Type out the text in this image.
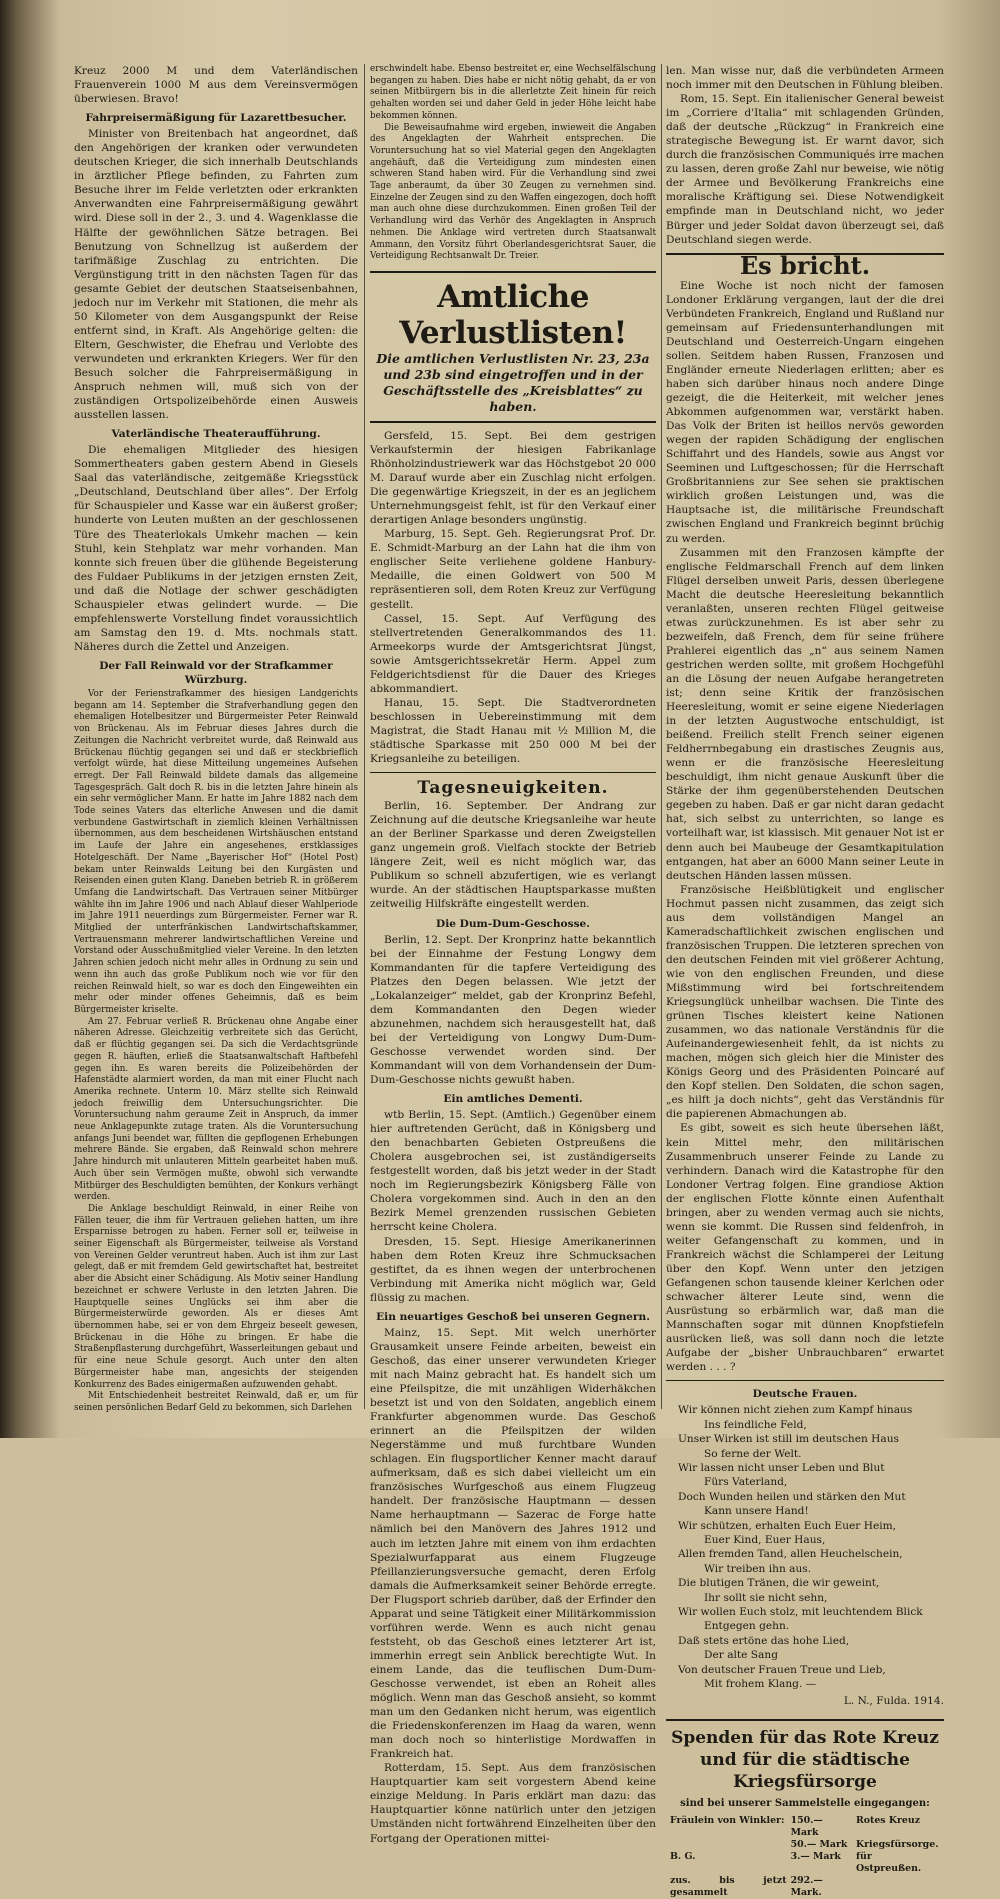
Kreuz 2000 M und dem Vaterländischen Frauenverein 1000 M aus dem Vereinsvermögen überwiesen. Bravo!

Fahrpreisermäßigung für Lazarettbesucher.

Minister von Breitenbach hat angeordnet, daß den Angehörigen der kranken oder verwundeten deutschen Krieger, die sich innerhalb Deutschlands in ärztlicher Pflege befinden, zu Fahrten zum Besuche ihrer im Felde verletzten oder erkrankten Anverwandten eine Fahrpreisermäßigung gewährt wird. Diese soll in der 2., 3. und 4. Wagenklasse die Hälfte der gewöhnlichen Sätze betragen. Bei Benutzung von Schnellzug ist außerdem der tarifmäßige Zuschlag zu entrichten. Die Vergünstigung tritt in den nächsten Tagen für das gesamte Gebiet der deutschen Staatseisenbahnen, jedoch nur im Verkehr mit Stationen, die mehr als 50 Kilometer von dem Ausgangspunkt der Reise entfernt sind, in Kraft. Als Angehörige gelten: die Eltern, Geschwister, die Ehefrau und Verlobte des verwundeten und erkrankten Kriegers. Wer für den Besuch solcher die Fahrpreisermäßigung in Anspruch nehmen will, muß sich von der zuständigen Ortspolizeibehörde einen Ausweis ausstellen lassen.

Vaterländische Theateraufführung.

Die ehemaligen Mitglieder des hiesigen Sommertheaters gaben gestern Abend in Giesels Saal das vaterländische, zeitgemäße Kriegsstück „Deutschland, Deutschland über alles“. Der Erfolg für Schauspieler und Kasse war ein äußerst großer; hunderte von Leuten mußten an der geschlossenen Türe des Theaterlokals Umkehr machen — kein Stuhl, kein Stehplatz war mehr vorhanden. Man konnte sich freuen über die glühende Begeisterung des Fuldaer Publikums in der jetzigen ernsten Zeit, und daß die Notlage der schwer geschädigten Schauspieler etwas gelindert wurde. — Die empfehlenswerte Vorstellung findet voraussichtlich am Samstag den 19. d. Mts. nochmals statt. Näheres durch die Zettel und Anzeigen.

Der Fall Reinwald vor der Strafkammer Würzburg.

Vor der Ferienstrafkammer des hiesigen Landgerichts begann am 14. September die Strafverhandlung gegen den ehemaligen Hotelbesitzer und Bürgermeister Peter Reinwald von Brückenau. Als im Februar dieses Jahres durch die Zeitungen die Nachricht verbreitet wurde, daß Reinwald aus Brückenau flüchtig gegangen sei und daß er steckbrieflich verfolgt würde, hat diese Mitteilung ungemeines Aufsehen erregt. Der Fall Reinwald bildete damals das allgemeine Tagesgespräch. Galt doch R. bis in die letzten Jahre hinein als ein sehr vermöglicher Mann. Er hatte im Jahre 1882 nach dem Tode seines Vaters das elterliche Anwesen und die damit verbundene Gastwirtschaft in ziemlich kleinen Verhältnissen übernommen, aus dem bescheidenen Wirtshäuschen entstand im Laufe der Jahre ein angesehenes, erstklassiges Hotelgeschäft. Der Name „Bayerischer Hof“ (Hotel Post) bekam unter Reinwalds Leitung bei den Kurgästen und Reisenden einen guten Klang. Daneben betrieb R. in größerem Umfang die Landwirtschaft. Das Vertrauen seiner Mitbürger wählte ihn im Jahre 1906 und nach Ablauf dieser Wahlperiode im Jahre 1911 neuerdings zum Bürgermeister. Ferner war R. Mitglied der unterfränkischen Landwirtschaftskammer, Vertrauensmann mehrerer landwirtschaftlichen Vereine und Vorstand oder Ausschußmitglied vieler Vereine. In den letzten Jahren schien jedoch nicht mehr alles in Ordnung zu sein und wenn ihn auch das große Publikum noch wie vor für den reichen Reinwald hielt, so war es doch den Eingeweihten ein mehr oder minder offenes Geheimnis, daß es beim Bürgermeister kriselte.

Am 27. Februar verließ R. Brückenau ohne Angabe einer näheren Adresse. Gleichzeitig verbreitete sich das Gerücht, daß er flüchtig gegangen sei. Da sich die Verdachtsgründe gegen R. häuften, erließ die Staatsanwaltschaft Haftbefehl gegen ihn. Es waren bereits die Polizeibehörden der Hafenstädte alarmiert worden, da man mit einer Flucht nach Amerika rechnete. Unterm 10. März stellte sich Reinwald jedoch freiwillig dem Untersuchungsrichter. Die Voruntersuchung nahm geraume Zeit in Anspruch, da immer neue Anklagepunkte zutage traten. Als die Voruntersuchung anfangs Juni beendet war, füllten die gepflogenen Erhebungen mehrere Bände. Sie ergaben, daß Reinwald schon mehrere Jahre hindurch mit unlauteren Mitteln gearbeitet haben muß. Auch über sein Vermögen mußte, obwohl sich verwandte Mitbürger des Beschuldigten bemühten, der Konkurs verhängt werden.

Die Anklage beschuldigt Reinwald, in einer Reihe von Fällen teuer, die ihm für Vertrauen geliehen hatten, um ihre Ersparnisse betrogen zu haben. Ferner soll er, teilweise in seiner Eigenschaft als Bürgermeister, teilweise als Vorstand von Vereinen Gelder veruntreut haben. Auch ist ihm zur Last gelegt, daß er mit fremdem Geld gewirtschaftet hat, bestreitet aber die Absicht einer Schädigung. Als Motiv seiner Handlung bezeichnet er schwere Verluste in den letzten Jahren. Die Hauptquelle seines Unglücks sei ihm aber die Bürgermeisterwürde geworden. Als er dieses Amt übernommen habe, sei er von dem Ehrgeiz beseelt gewesen, Brückenau in die Höhe zu bringen. Er habe die Straßenpflasterung durchgeführt, Wasserleitungen gebaut und für eine neue Schule gesorgt. Auch unter den alten Bürgermeister habe man, angesichts der steigenden Konkurrenz des Bades einigermaßen aufzuwenden gehabt.

Mit Entschiedenheit bestreitet Reinwald, daß er, um für seinen persönlichen Bedarf Geld zu bekommen, sich Darlehen

erschwindelt habe. Ebenso bestreitet er, eine Wechselfälschung begangen zu haben. Dies habe er nicht nötig gehabt, da er von seinen Mitbürgern bis in die allerletzte Zeit hinein für reich gehalten worden sei und daher Geld in jeder Höhe leicht habe bekommen können.

Die Beweisaufnahme wird ergeben, inwieweit die Angaben des Angeklagten der Wahrheit entsprechen. Die Voruntersuchung hat so viel Material gegen den Angeklagten angehäuft, daß die Verteidigung zum mindesten einen schweren Stand haben wird. Für die Verhandlung sind zwei Tage anberaumt, da über 30 Zeugen zu vernehmen sind. Einzelne der Zeugen sind zu den Waffen eingezogen, doch hofft man auch ohne diese durchzukommen. Einen großen Teil der Verhandlung wird das Verhör des Angeklagten in Anspruch nehmen. Die Anklage wird vertreten durch Staatsanwalt Ammann, den Vorsitz führt Oberlandesgerichtsrat Sauer, die Verteidigung Rechtsanwalt Dr. Treier.

Amtliche Verlustlisten!
Die amtlichen Verlustlisten Nr. 23, 23a und 23b sind eingetroffen und in der Geschäftsstelle des „Kreisblattes“ zu haben.

Gersfeld, 15. Sept. Bei dem gestrigen Verkaufstermin der hiesigen Fabrikanlage Rhönholzindustriewerk war das Höchstgebot 20 000 M. Darauf wurde aber ein Zuschlag nicht erfolgen. Die gegenwärtige Kriegszeit, in der es an jeglichem Unternehmungsgeist fehlt, ist für den Verkauf einer derartigen Anlage besonders ungünstig.

Marburg, 15. Sept. Geh. Regierungsrat Prof. Dr. E. Schmidt-Marburg an der Lahn hat die ihm von englischer Seite verliehene goldene Hanbury-Medaille, die einen Goldwert von 500 M repräsentieren soll, dem Roten Kreuz zur Verfügung gestellt.

Cassel, 15. Sept. Auf Verfügung des stellvertretenden Generalkommandos des 11. Armeekorps wurde der Amtsgerichtsrat Jüngst, sowie Amtsgerichtssekretär Herm. Appel zum Feldgerichtsdienst für die Dauer des Krieges abkommandiert.

Hanau, 15. Sept. Die Stadtverordneten beschlossen in Uebereinstimmung mit dem Magistrat, die Stadt Hanau mit ½ Million M, die städtische Sparkasse mit 250 000 M bei der Kriegsanleihe zu beteiligen.

Tagesneuigkeiten.

Berlin, 16. September. Der Andrang zur Zeichnung auf die deutsche Kriegsanleihe war heute an der Berliner Sparkasse und deren Zweigstellen ganz ungemein groß. Vielfach stockte der Betrieb längere Zeit, weil es nicht möglich war, das Publikum so schnell abzufertigen, wie es verlangt wurde. An der städtischen Hauptsparkasse mußten zeitweilig Hilfskräfte eingestellt werden.

Die Dum-Dum-Geschosse.

Berlin, 12. Sept. Der Kronprinz hatte bekanntlich bei der Einnahme der Festung Longwy dem Kommandanten für die tapfere Verteidigung des Platzes den Degen belassen. Wie jetzt der „Lokalanzeiger“ meldet, gab der Kronprinz Befehl, dem Kommandanten den Degen wieder abzunehmen, nachdem sich herausgestellt hat, daß bei der Verteidigung von Longwy Dum-Dum-Geschosse verwendet worden sind. Der Kommandant will von dem Vorhandensein der Dum-Dum-Geschosse nichts gewußt haben.

Ein amtliches Dementi.

wtb Berlin, 15. Sept. (Amtlich.) Gegenüber einem hier auftretenden Gerücht, daß in Königsberg und den benachbarten Gebieten Ostpreußens die Cholera ausgebrochen sei, ist zuständigerseits festgestellt worden, daß bis jetzt weder in der Stadt noch im Regierungsbezirk Königsberg Fälle von Cholera vorgekommen sind. Auch in den an den Bezirk Memel grenzenden russischen Gebieten herrscht keine Cholera.

Dresden, 15. Sept. Hiesige Amerikanerinnen haben dem Roten Kreuz ihre Schmucksachen gestiftet, da es ihnen wegen der unterbrochenen Verbindung mit Amerika nicht möglich war, Geld flüssig zu machen.

Ein neuartiges Geschoß bei unseren Gegnern.

Mainz, 15. Sept. Mit welch unerhörter Grausamkeit unsere Feinde arbeiten, beweist ein Geschoß, das einer unserer verwundeten Krieger mit nach Mainz gebracht hat. Es handelt sich um eine Pfeilspitze, die mit unzähligen Widerhäkchen besetzt ist und von den Soldaten, angeblich einem Frankfurter abgenommen wurde. Das Geschoß erinnert an die Pfeilspitzen der wilden Negerstämme und muß furchtbare Wunden schlagen. Ein flugsportlicher Kenner macht darauf aufmerksam, daß es sich dabei vielleicht um ein französisches Wurfgeschoß aus einem Flugzeug handelt. Der französische Hauptmann — dessen Name herhauptmann — Sazerac de Forge hatte nämlich bei den Manövern des Jahres 1912 und auch im letzten Jahre mit einem von ihm erdachten Spezialwurfapparat aus einem Flugzeuge Pfeillanzierungsversuche gemacht, deren Erfolg damals die Aufmerksamkeit seiner Behörde erregte. Der Flugsport schrieb darüber, daß der Erfinder den Apparat und seine Tätigkeit einer Militärkommission vorführen werde. Wenn es auch nicht genau feststeht, ob das Geschoß eines letzterer Art ist, immerhin erregt sein Anblick berechtigte Wut. In einem Lande, das die teuflischen Dum-Dum-Geschosse verwendet, ist eben an Roheit alles möglich. Wenn man das Geschoß ansieht, so kommt man um den Gedanken nicht herum, was eigentlich die Friedenskonferenzen im Haag da waren, wenn man doch noch so hinterlistige Mordwaffen in Frankreich hat.

Rotterdam, 15. Sept. Aus dem französischen Hauptquartier kam seit vorgestern Abend keine einzige Meldung. In Paris erklärt man dazu: das Hauptquartier könne natürlich unter den jetzigen Umständen nicht fortwährend Einzelheiten über den Fortgang der Operationen mittei-

len. Man wisse nur, daß die verbündeten Armeen noch immer mit den Deutschen in Fühlung bleiben.

Rom, 15. Sept. Ein italienischer General beweist im „Corriere d'Italia“ mit schlagenden Gründen, daß der deutsche „Rückzug“ in Frankreich eine strategische Bewegung ist. Er warnt davor, sich durch die französischen Communiqués irre machen zu lassen, deren große Zahl nur beweise, wie nötig der Armee und Bevölkerung Frankreichs eine moralische Kräftigung sei. Diese Notwendigkeit empfinde man in Deutschland nicht, wo jeder Bürger und jeder Soldat davon überzeugt sei, daß Deutschland siegen werde.

Es bricht.

Eine Woche ist noch nicht der famosen Londoner Erklärung vergangen, laut der die drei Verbündeten Frankreich, England und Rußland nur gemeinsam auf Friedensunterhandlungen mit Deutschland und Oesterreich-Ungarn eingehen sollen. Seitdem haben Russen, Franzosen und Engländer erneute Niederlagen erlitten; aber es haben sich darüber hinaus noch andere Dinge gezeigt, die die Heiterkeit, mit welcher jenes Abkommen aufgenommen war, verstärkt haben. Das Volk der Briten ist heillos nervös geworden wegen der rapiden Schädigung der englischen Schiffahrt und des Handels, sowie aus Angst vor Seeminen und Luftgeschossen; für die Herrschaft Großbritanniens zur See sehen sie praktischen wirklich großen Leistungen und, was die Hauptsache ist, die militärische Freundschaft zwischen England und Frankreich beginnt brüchig zu werden.

Zusammen mit den Franzosen kämpfte der englische Feldmarschall French auf dem linken Flügel derselben unweit Paris, dessen überlegene Macht die deutsche Heeresleitung bekanntlich veranlaßten, unseren rechten Flügel geitweise etwas zurückzunehmen. Es ist aber sehr zu bezweifeln, daß French, dem für seine frühere Prahlerei eigentlich das „n“ aus seinem Namen gestrichen werden sollte, mit großem Hochgefühl an die Lösung der neuen Aufgabe herangetreten ist; denn seine Kritik der französischen Heeresleitung, womit er seine eigene Niederlagen in der letzten Augustwoche entschuldigt, ist beißend. Freilich stellt French seiner eigenen Feldherrnbegabung ein drastisches Zeugnis aus, wenn er die französische Heeresleitung beschuldigt, ihm nicht genaue Auskunft über die Stärke der ihm gegenüberstehenden Deutschen gegeben zu haben. Daß er gar nicht daran gedacht hat, sich selbst zu unterrichten, so lange es vorteilhaft war, ist klassisch. Mit genauer Not ist er denn auch bei Maubeuge der Gesamtkapitulation entgangen, hat aber an 6000 Mann seiner Leute in deutschen Händen lassen müssen.

Französische Heißblütigkeit und englischer Hochmut passen nicht zusammen, das zeigt sich aus dem vollständigen Mangel an Kameradschaftlichkeit zwischen englischen und französischen Truppen. Die letzteren sprechen von den deutschen Feinden mit viel größerer Achtung, wie von den englischen Freunden, und diese Mißstimmung wird bei fortschreitendem Kriegsunglück unheilbar wachsen. Die Tinte des grünen Tisches kleistert keine Nationen zusammen, wo das nationale Verständnis für die Aufeinandergewiesenheit fehlt, da ist nichts zu machen, mögen sich gleich hier die Minister des Königs Georg und des Präsidenten Poincaré auf den Kopf stellen. Den Soldaten, die schon sagen, „es hilft ja doch nichts“, geht das Verständnis für die papierenen Abmachungen ab.

Es gibt, soweit es sich heute übersehen läßt, kein Mittel mehr, den militärischen Zusammenbruch unserer Feinde zu Lande zu verhindern. Danach wird die Katastrophe für den Londoner Vertrag folgen. Eine grandiose Aktion der englischen Flotte könnte einen Aufenthalt bringen, aber zu wenden vermag auch sie nichts, wenn sie kommt. Die Russen sind feldenfroh, in weiter Gefangenschaft zu kommen, und in Frankreich wächst die Schlamperei der Leitung über den Kopf. Wenn unter den jetzigen Gefangenen schon tausende kleiner Kerlchen oder schwacher älterer Leute sind, wenn die Ausrüstung so erbärmlich war, daß man die Mannschaften sogar mit dünnen Knopfstiefeln ausrücken ließ, was soll dann noch die letzte Aufgabe der „bisher Unbrauchbaren“ erwartet werden . . . ?

Deutsche Frauen.
Wir können nicht ziehen zum Kampf hinaus
Ins feindliche Feld,
Unser Wirken ist still im deutschen Haus
So ferne der Welt.
Wir lassen nicht unser Leben und Blut
Fürs Vaterland,
Doch Wunden heilen und stärken den Mut
Kann unsere Hand!
Wir schützen, erhalten Euch Euer Heim,
Euer Kind, Euer Haus,
Allen fremden Tand, allen Heuchelschein,
Wir treiben ihn aus.
Die blutigen Tränen, die wir geweint,
Ihr sollt sie nicht sehn,
Wir wollen Euch stolz, mit leuchtendem Blick
Entgegen gehn.
Daß stets ertöne das hohe Lied,
Der alte Sang
Von deutscher Frauen Treue und Lieb,
Mit frohem Klang. —
L. N., Fulda. 1914.
Spenden für das Rote Kreuz und für die städtische Kriegsfürsorge
sind bei unserer Sammelstelle eingegangen:
Fräulein von Winkler:	150.— Mark	Rotes Kreuz
	50.— Mark	Kriegsfürsorge.
B. G.	3.— Mark	für Ostpreußen.
zus. bis jetzt gesammelt	292.— Mark.	
